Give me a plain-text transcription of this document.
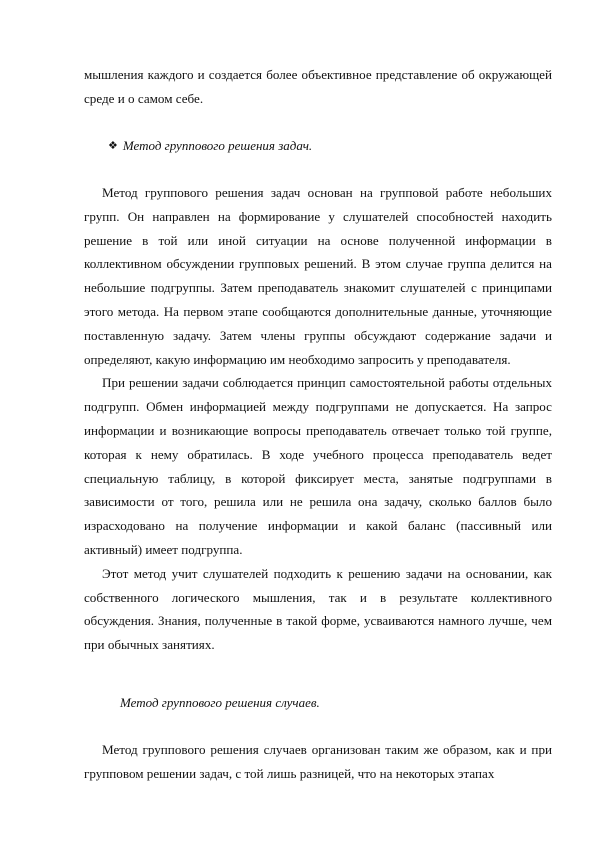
мышления каждого и создается более объективное представление об окружающей среде и о самом себе.

❖ Метод группового решения задач.

Метод группового решения задач основан на групповой работе небольших групп. Он направлен на формирование у слушателей способностей находить решение в той или иной ситуации на основе полученной информации в коллективном обсуждении групповых решений. В этом случае группа делится на небольшие подгруппы. Затем преподаватель знакомит слушателей с принципами этого метода. На первом этапе сообщаются дополнительные данные, уточняющие поставленную задачу. Затем члены группы обсуждают содержание задачи и определяют, какую информацию им необходимо запросить у преподавателя.

При решении задачи соблюдается принцип самостоятельной работы отдельных подгрупп. Обмен информацией между подгруппами не допускается. На запрос информации и возникающие вопросы преподаватель отвечает только той группе, которая к нему обратилась. В ходе учебного процесса преподаватель ведет специальную таблицу, в которой фиксирует места, занятые подгруппами в зависимости от того, решила или не решила она задачу, сколько баллов было израсходовано на получение информации и какой баланс (пассивный или активный) имеет подгруппа.

Этот метод учит слушателей подходить к решению задачи на основании, как собственного логического мышления, так и в результате коллективного обсуждения. Знания, полученные в такой форме, усваиваются намного лучше, чем при обычных занятиях.

Метод группового решения случаев.

Метод группового решения случаев организован таким же образом, как и при групповом решении задач, с той лишь разницей, что на некоторых этапах
